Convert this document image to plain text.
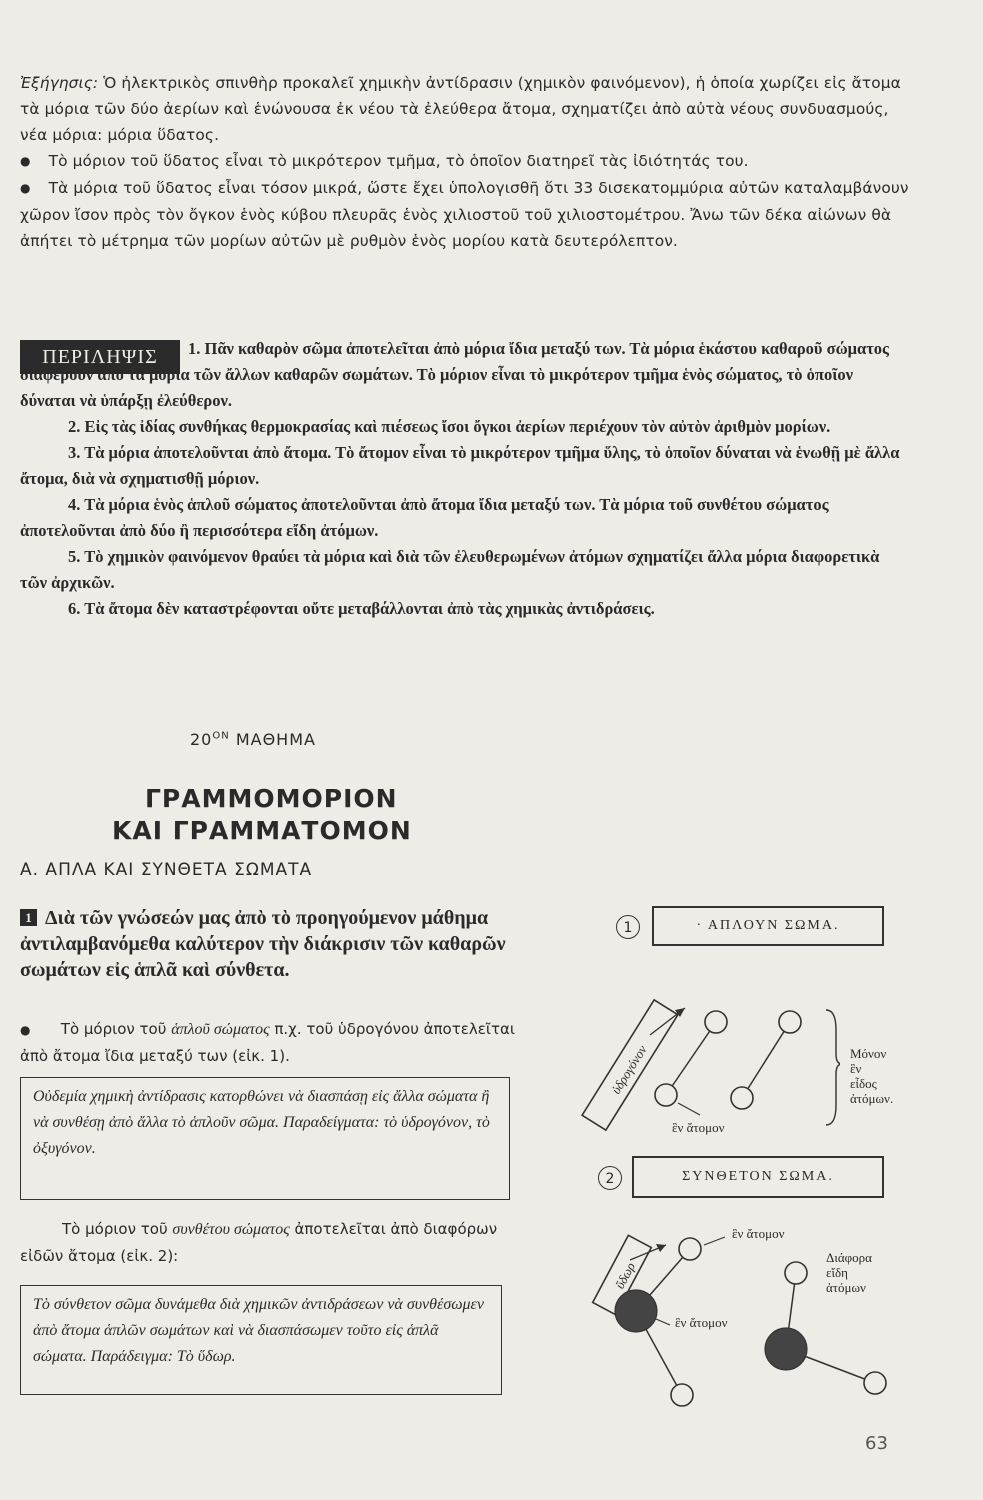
Ἐξήγησις: Ὁ ἠλεκτρικὸς σπινθὴρ προκαλεῖ χημικὴν ἀντίδρασιν (χημικὸν φαινόμενον), ἡ ὁποία χωρίζει εἰς ἄτομα τὰ μόρια τῶν δύο ἀερίων καὶ ἑνώνουσα ἐκ νέου τὰ ἐλεύθερα ἄτομα, σχηματίζει ἀπὸ αὐτὰ νέους συνδυασμούς, νέα μόρια: μόρια ὕδατος.

● Τὸ μόριον τοῦ ὕδατος εἶναι τὸ μικρότερον τμῆμα, τὸ ὁποῖον διατηρεῖ τὰς ἰδιότητάς του.

● Τὰ μόρια τοῦ ὕδατος εἶναι τόσον μικρά, ὥστε ἔχει ὑπολογισθῆ ὅτι 33 δισεκατομμύρια αὐτῶν καταλαμβάνουν χῶρον ἴσον πρὸς τὸν ὄγκον ἑνὸς κύβου πλευρᾶς ἑνὸς χιλιοστοῦ τοῦ χιλιοστομέτρου. Ἄνω τῶν δέκα αἰώνων θὰ ἀπήτει τὸ μέτρημα τῶν μορίων αὐτῶν μὲ ρυθμὸν ἑνὸς μορίου κατὰ δευτερόλεπτον.

ΠΕΡΙΛΗΨΙΣ	1. Πᾶν καθαρὸν σῶμα ἀποτελεῖται ἀπὸ μόρια ἴδια μεταξύ των. Τὰ μόρια ἑκάστου καθαροῦ σώματος διαφέρουν ἀπὸ τὰ μόρια τῶν ἄλλων καθαρῶν σωμάτων. Τὸ μόριον εἶναι τὸ μικρότερον τμῆμα ἑνὸς σώματος, τὸ ὁποῖον δύναται νὰ ὑπάρξῃ ἐλεύθερον.

2. Εἰς τὰς ἰδίας συνθήκας θερμοκρασίας καὶ πιέσεως ἴσοι ὄγκοι ἀερίων περιέχουν τὸν αὐτὸν ἀριθμὸν μορίων.

3. Τὰ μόρια ἀποτελοῦνται ἀπὸ ἄτομα. Τὸ ἄτομον εἶναι τὸ μικρότερον τμῆμα ὕλης, τὸ ὁποῖον δύναται νὰ ἑνωθῇ μὲ ἄλλα ἄτομα, διὰ νὰ σχηματισθῇ μόριον.

4. Τὰ μόρια ἑνὸς ἁπλοῦ σώματος ἀποτελοῦνται ἀπὸ ἄτομα ἴδια μεταξύ των. Τὰ μόρια τοῦ συνθέτου σώματος ἀποτελοῦνται ἀπὸ δύο ἢ περισσότερα εἴδη ἀτόμων.

5. Τὸ χημικὸν φαινόμενον θραύει τὰ μόρια καὶ διὰ τῶν ἐλευθερωμένων ἀτόμων σχηματίζει ἄλλα μόρια διαφορετικὰ τῶν ἀρχικῶν.

6. Τὰ ἄτομα δὲν καταστρέφονται οὔτε μεταβάλλονται ἀπὸ τὰς χημικὰς ἀντιδράσεις.

$20^{ON}$ ΜΑΘΗΜΑ
ΓΡΑΜΜΟΜΟΡΙΟΝ
ΚΑΙ ΓΡΑΜΜΑΤΟΜΟΝ
Α. ΑΠΛΑ ΚΑΙ ΣΥΝΘΕΤΑ ΣΩΜΑΤΑ
1 Διὰ τῶν γνώσεών μας ἀπὸ τὸ προηγούμενον μάθημα ἀντιλαμβανόμεθα καλύτερον τὴν διάκρισιν τῶν καθαρῶν σωμάτων εἰς ἁπλᾶ καὶ σύνθετα.
● Τὸ μόριον τοῦ ἁπλοῦ σώματος π.χ. τοῦ ὑδρογόνου ἀποτελεῖται ἀπὸ ἄτομα ἴδια μεταξύ των (εἰκ. 1).
Οὐδεμία χημικὴ ἀντίδρασις κατορθώνει νὰ διασπάσῃ εἰς ἄλλα σώματα ἢ νὰ συνθέσῃ ἀπὸ ἄλλα τὸ ἁπλοῦν σῶμα. Παραδείγματα: τὸ ὑδρογόνον, τὸ ὀξυγόνον.
Τὸ μόριον τοῦ συνθέτου σώματος ἀποτελεῖται ἀπὸ διαφόρων εἰδῶν ἄτομα (εἰκ. 2):
Τὸ σύνθετον σῶμα δυνάμεθα διὰ χημικῶν ἀντιδράσεων νὰ συνθέσωμεν ἀπὸ ἄτομα ἁπλῶν σωμάτων καὶ νὰ διασπάσωμεν τοῦτο εἰς ἁπλᾶ σώματα. Παράδειγμα: Τὸ ὕδωρ.
1	· ΑΠΛΟΥΝ ΣΩΜΑ.
ὑδρογόνον
ἓν ἄτομον
Μόνον
ἓν
εἶδος
ἀτόμων.
2	ΣΥΝΘΕΤΟΝ ΣΩΜΑ.
ὕδωρ
ἓν ἄτομον
ἓν ἄτομον
Διάφορα
εἴδη
ἀτόμων
63
